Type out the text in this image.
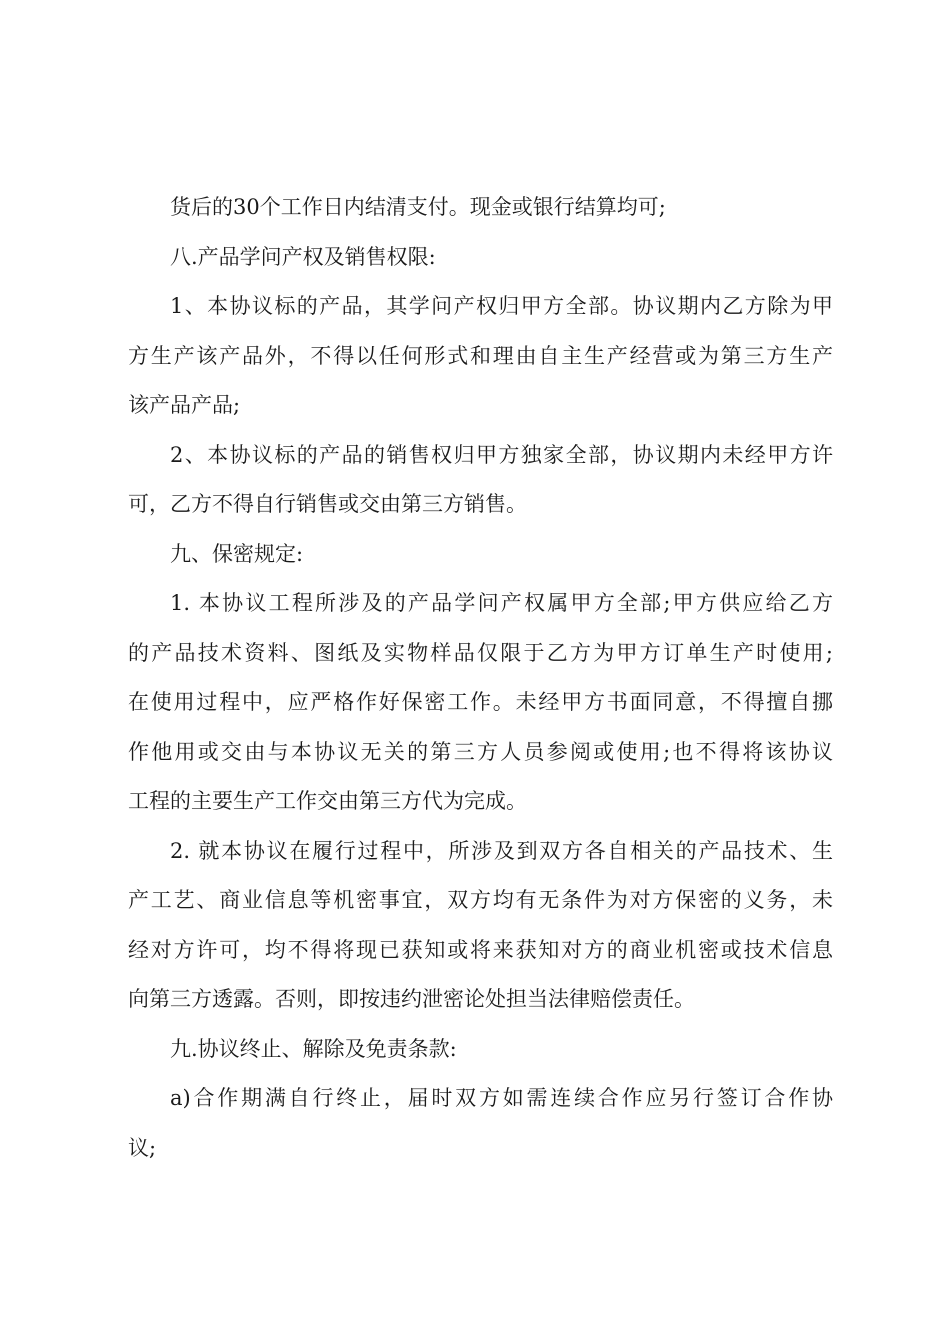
货后的30个工作日内结清支付。现金或银行结算均可;
八.产品学问产权及销售权限:
1、本协议标的产品，其学问产权归甲方全部。协议期内乙方除为甲
方生产该产品外，不得以任何形式和理由自主生产经营或为第三方生产
该产品产品;
2、本协议标的产品的销售权归甲方独家全部，协议期内未经甲方许
可，乙方不得自行销售或交由第三方销售。
九、保密规定:
1. 本协议工程所涉及的产品学问产权属甲方全部;甲方供应给乙方
的产品技术资料、图纸及实物样品仅限于乙方为甲方订单生产时使用;
在使用过程中，应严格作好保密工作。未经甲方书面同意，不得擅自挪
作他用或交由与本协议无关的第三方人员参阅或使用;也不得将该协议
工程的主要生产工作交由第三方代为完成。
2. 就本协议在履行过程中，所涉及到双方各自相关的产品技术、生
产工艺、商业信息等机密事宜，双方均有无条件为对方保密的义务，未
经对方许可，均不得将现已获知或将来获知对方的商业机密或技术信息
向第三方透露。否则，即按违约泄密论处担当法律赔偿责任。
九.协议终止、解除及免责条款:
a)合作期满自行终止，届时双方如需连续合作应另行签订合作协
议;
